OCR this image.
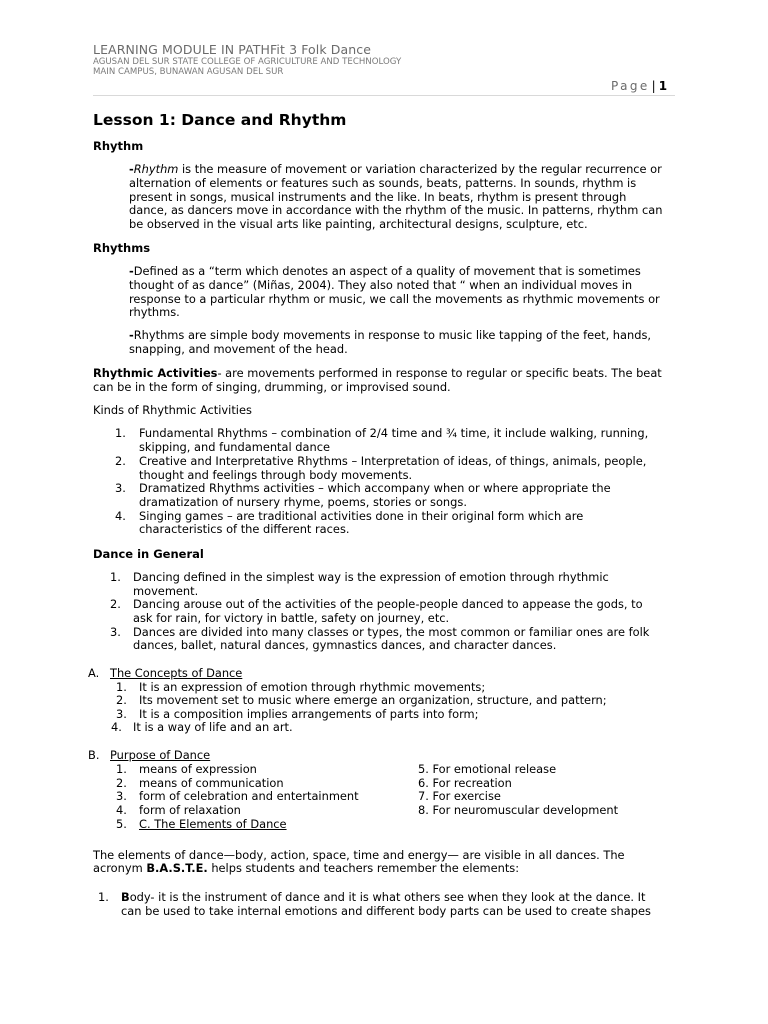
LEARNING MODULE IN PATHFit 3 Folk Dance
AGUSAN DEL SUR STATE COLLEGE OF AGRICULTURE AND TECHNOLOGY
MAIN CAMPUS, BUNAWAN AGUSAN DEL SUR
Page | 1
Lesson 1: Dance and Rhythm
Rhythm
-Rhythm is the measure of movement or variation characterized by the regular recurrence or
alternation of elements or features such as sounds, beats, patterns. In sounds, rhythm is
present in songs, musical instruments and the like. In beats, rhythm is present through
dance, as dancers move in accordance with the rhythm of the music. In patterns, rhythm can
be observed in the visual arts like painting, architectural designs, sculpture, etc.
Rhythms
-Defined as a “term which denotes an aspect of a quality of movement that is sometimes
thought of as dance” (Miñas, 2004). They also noted that “ when an individual moves in
response to a particular rhythm or music, we call the movements as rhythmic movements or
rhythms.
-Rhythms are simple body movements in response to music like tapping of the feet, hands,
snapping, and movement of the head.
Rhythmic Activities- are movements performed in response to regular or specific beats. The beat
can be in the form of singing, drumming, or improvised sound.
Kinds of Rhythmic Activities
1. Fundamental Rhythms – combination of 2/4 time and ¾ time, it include walking, running,
skipping, and fundamental dance
2. Creative and Interpretative Rhythms – Interpretation of ideas, of things, animals, people,
thought and feelings through body movements.
3. Dramatized Rhythms activities – which accompany when or where appropriate the
dramatization of nursery rhyme, poems, stories or songs.
4. Singing games – are traditional activities done in their original form which are
characteristics of the different races.
Dance in General
1. Dancing defined in the simplest way is the expression of emotion through rhythmic
movement.
2. Dancing arouse out of the activities of the people-people danced to appease the gods, to
ask for rain, for victory in battle, safety on journey, etc.
3. Dances are divided into many classes or types, the most common or familiar ones are folk
dances, ballet, natural dances, gymnastics dances, and character dances.
A. The Concepts of Dance
1. It is an expression of emotion through rhythmic movements;
2. Its movement set to music where emerge an organization, structure, and pattern;
3. It is a composition implies arrangements of parts into form;
4. It is a way of life and an art.
B. Purpose of Dance
1. means of expression
2. means of communication
3. form of celebration and entertainment
4. form of relaxation
5. C. The Elements of Dance
5. For emotional release
6. For recreation
7. For exercise
8. For neuromuscular development
The elements of dance—body, action, space, time and energy— are visible in all dances. The
acronym B.A.S.T.E. helps students and teachers remember the elements:
1. Body- it is the instrument of dance and it is what others see when they look at the dance. It
can be used to take internal emotions and different body parts can be used to create shapes
